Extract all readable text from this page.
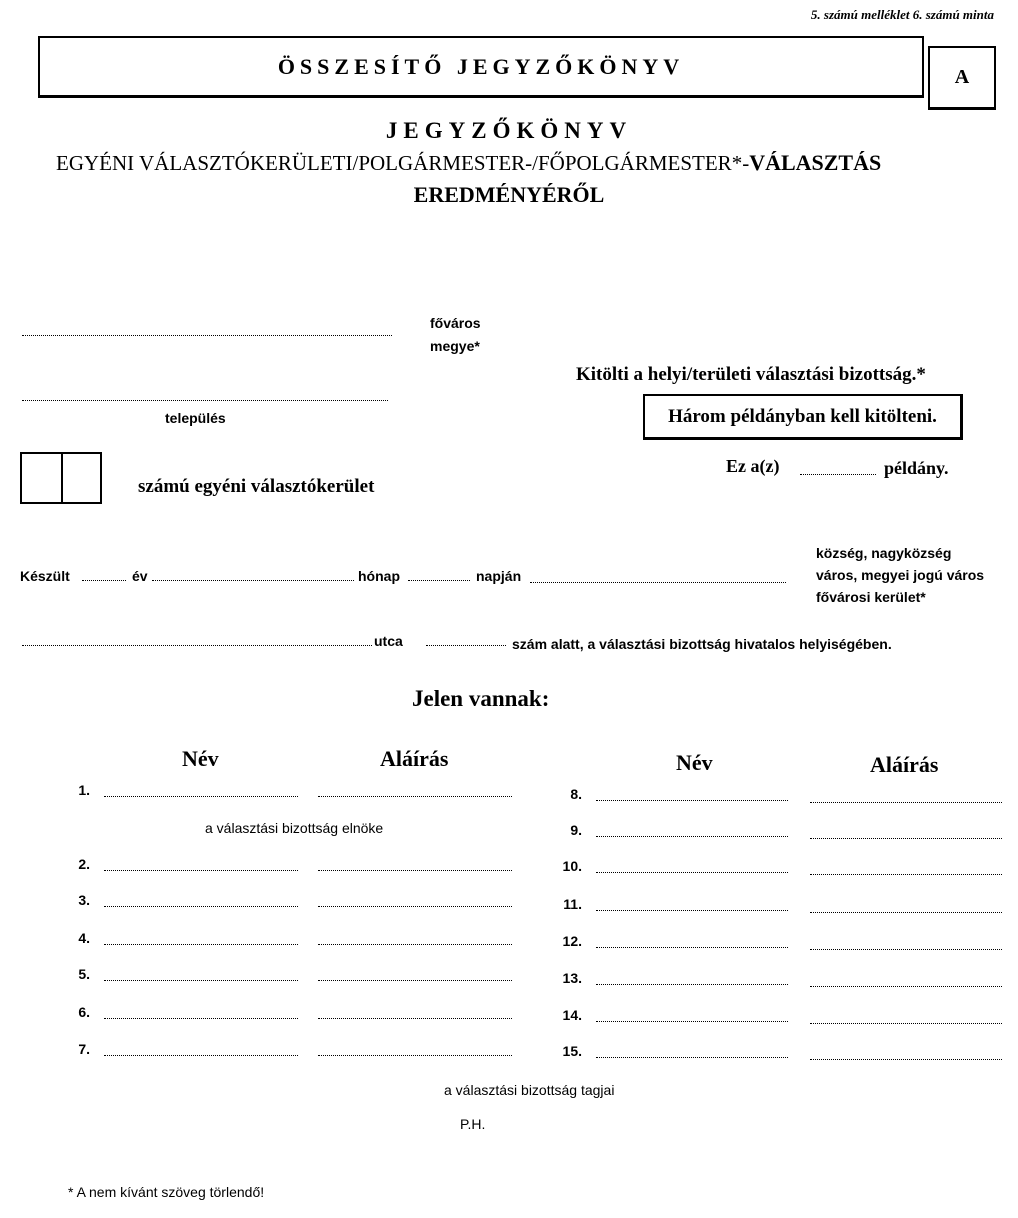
5. számú melléklet 6. számú minta
ÖSSZESÍTŐ JEGYZŐKÖNYV	A
JEGYZŐKÖNYV
EGYÉNI VÁLASZTÓKERÜLETI/POLGÁRMESTER-/FŐPOLGÁRMESTER*-VÁLASZTÁS
EREDMÉNYÉRŐL
főváros
megye*
Kitölti a helyi/területi választási bizottság.*
település	Három példányban kell kitölteni.
Ez a(z)	példány.
számú egyéni választókerület
Készült	év	hónap	napján
község, nagyközség
város, megyei jogú város
fővárosi kerület*
utca	szám alatt, a választási bizottság hivatalos helyiségében.
Jelen vannak:
Név	Aláírás	Név	Aláírás
1.
a választási bizottság elnöke
2.
3.
4.
5.
6.
7.
8.
9.
10.
11.
12.
13.
14.
15.
a választási bizottság tagjai
P.H.
* A nem kívánt szöveg törlendő!
